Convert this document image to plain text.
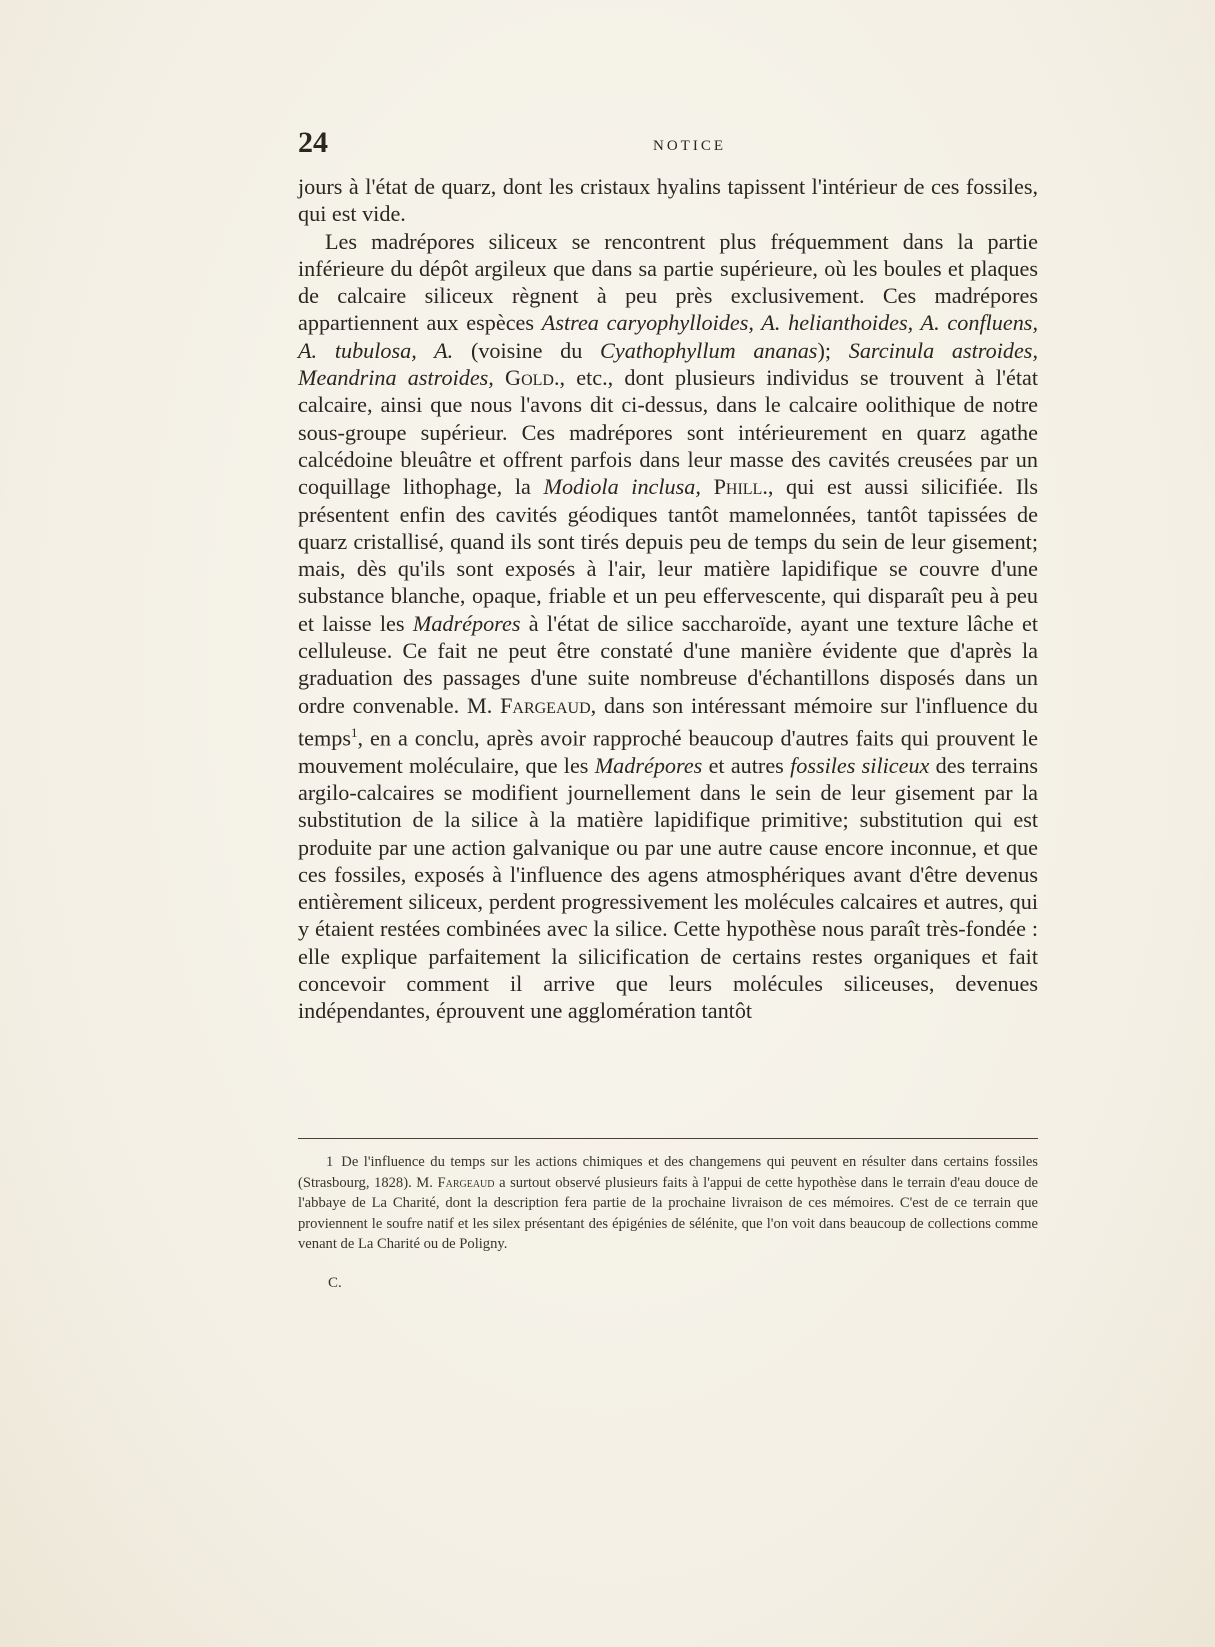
24	NOTICE

jours à l'état de quarz, dont les cristaux hyalins tapissent l'intérieur de ces fossiles, qui est vide.

Les madrépores siliceux se rencontrent plus fréquemment dans la partie inférieure du dépôt argileux que dans sa partie supérieure, où les boules et plaques de calcaire siliceux règnent à peu près exclusivement. Ces madrépores appartiennent aux espèces Astrea caryophylloides, A. helianthoides, A. confluens, A. tubulosa, A. (voisine du Cyathophyllum ananas); Sarcinula astroides, Meandrina astroides, Gold., etc., dont plusieurs individus se trouvent à l'état calcaire, ainsi que nous l'avons dit ci-dessus, dans le calcaire oolithique de notre sous-groupe supérieur. Ces madrépores sont intérieurement en quarz agathe calcédoine bleuâtre et offrent parfois dans leur masse des cavités creusées par un coquillage lithophage, la Modiola inclusa, Phill., qui est aussi silicifiée. Ils présentent enfin des cavités géodiques tantôt mamelonnées, tantôt tapissées de quarz cristallisé, quand ils sont tirés depuis peu de temps du sein de leur gisement; mais, dès qu'ils sont exposés à l'air, leur matière lapidifique se couvre d'une substance blanche, opaque, friable et un peu effervescente, qui disparaît peu à peu et laisse les Madrépores à l'état de silice saccharoïde, ayant une texture lâche et celluleuse. Ce fait ne peut être constaté d'une manière évidente que d'après la graduation des passages d'une suite nombreuse d'échantillons disposés dans un ordre convenable. M. Fargeaud, dans son intéressant mémoire sur l'influence du temps$^1$, en a conclu, après avoir rapproché beaucoup d'autres faits qui prouvent le mouvement moléculaire, que les Madrépores et autres fossiles siliceux des terrains argilo-calcaires se modifient journellement dans le sein de leur gisement par la substitution de la silice à la matière lapidifique primitive; substitution qui est produite par une action galvanique ou par une autre cause encore inconnue, et que ces fossiles, exposés à l'influence des agens atmosphériques avant d'être devenus entièrement siliceux, perdent progressivement les molécules calcaires et autres, qui y étaient restées combinées avec la silice. Cette hypothèse nous paraît très-fondée : elle explique parfaitement la silicification de certains restes organiques et fait concevoir comment il arrive que leurs molécules siliceuses, devenues indépendantes, éprouvent une agglomération tantôt

1 De l'influence du temps sur les actions chimiques et des changemens qui peuvent en résulter dans certains fossiles (Strasbourg, 1828). M. Fargeaud a surtout observé plusieurs faits à l'appui de cette hypothèse dans le terrain d'eau douce de l'abbaye de La Charité, dont la description fera partie de la prochaine livraison de ces mémoires. C'est de ce terrain que proviennent le soufre natif et les silex présentant des épigénies de sélénite, que l'on voit dans beaucoup de collections comme venant de La Charité ou de Poligny.

C.
